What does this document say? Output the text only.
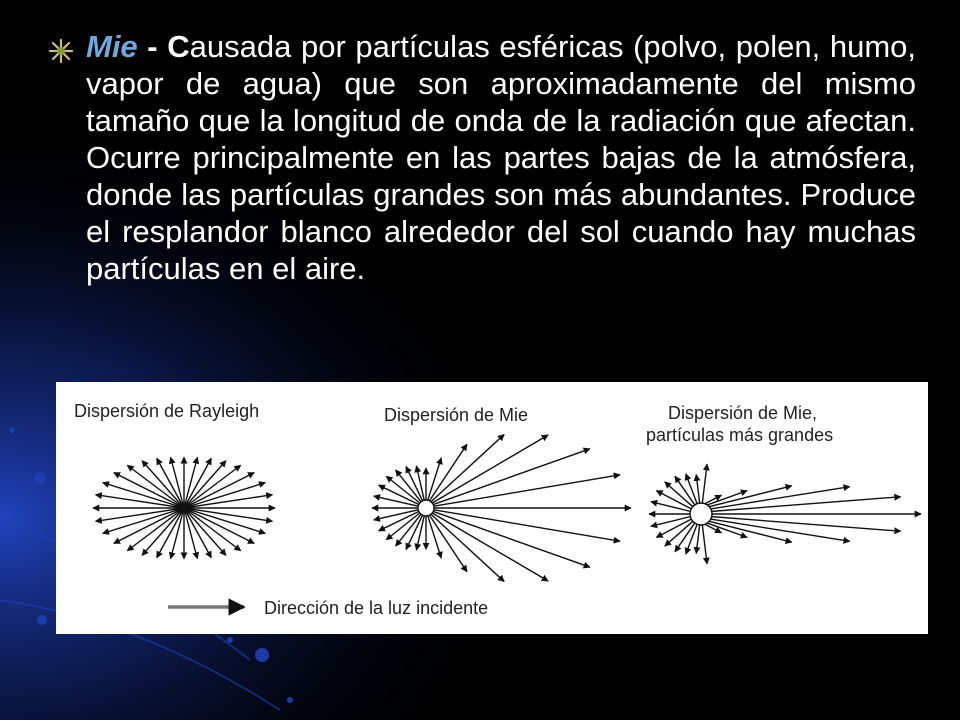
Mie - Causada por partículas esféricas (polvo, polen, humo, vapor de agua) que son aproximadamente del mismo tamaño que la longitud de onda de la radiación que afectan. Ocurre principalmente en las partes bajas de la atmósfera, donde las partículas grandes son más abundantes. Produce el resplandor blanco alrededor del sol cuando hay muchas partículas en el aire.

Dispersión de Rayleigh	Dispersión de Mie	Dispersión de Mie,

partículas más grandes

Dirección de la luz incidente
